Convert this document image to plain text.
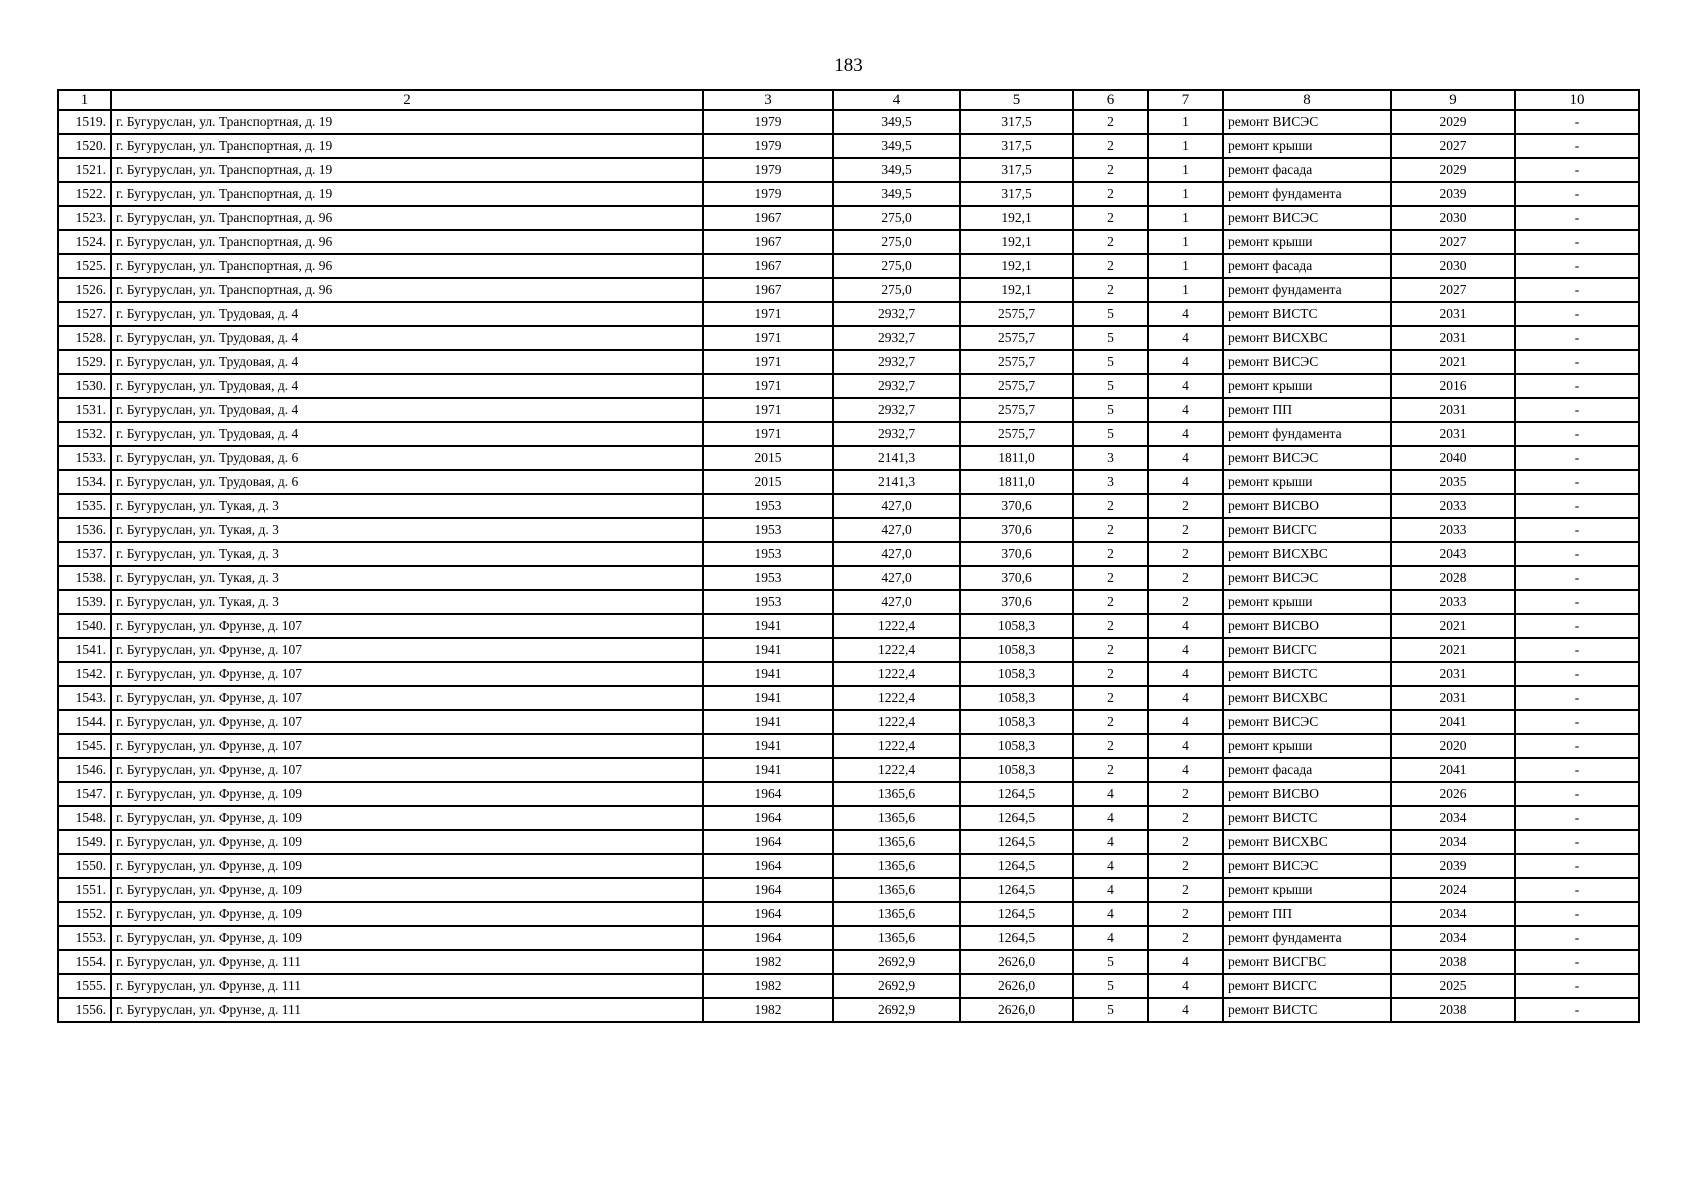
183
1	2	3	4	5	6	7	8	9	10
1519.	г. Бугуруслан, ул. Транспортная, д. 19	1979	349,5	317,5	2	1	ремонт ВИСЭС	2029	-
1520.	г. Бугуруслан, ул. Транспортная, д. 19	1979	349,5	317,5	2	1	ремонт крыши	2027	-
1521.	г. Бугуруслан, ул. Транспортная, д. 19	1979	349,5	317,5	2	1	ремонт фасада	2029	-
1522.	г. Бугуруслан, ул. Транспортная, д. 19	1979	349,5	317,5	2	1	ремонт фундамента	2039	-
1523.	г. Бугуруслан, ул. Транспортная, д. 96	1967	275,0	192,1	2	1	ремонт ВИСЭС	2030	-
1524.	г. Бугуруслан, ул. Транспортная, д. 96	1967	275,0	192,1	2	1	ремонт крыши	2027	-
1525.	г. Бугуруслан, ул. Транспортная, д. 96	1967	275,0	192,1	2	1	ремонт фасада	2030	-
1526.	г. Бугуруслан, ул. Транспортная, д. 96	1967	275,0	192,1	2	1	ремонт фундамента	2027	-
1527.	г. Бугуруслан, ул. Трудовая, д. 4	1971	2932,7	2575,7	5	4	ремонт ВИСТС	2031	-
1528.	г. Бугуруслан, ул. Трудовая, д. 4	1971	2932,7	2575,7	5	4	ремонт ВИСХВС	2031	-
1529.	г. Бугуруслан, ул. Трудовая, д. 4	1971	2932,7	2575,7	5	4	ремонт ВИСЭС	2021	-
1530.	г. Бугуруслан, ул. Трудовая, д. 4	1971	2932,7	2575,7	5	4	ремонт крыши	2016	-
1531.	г. Бугуруслан, ул. Трудовая, д. 4	1971	2932,7	2575,7	5	4	ремонт ПП	2031	-
1532.	г. Бугуруслан, ул. Трудовая, д. 4	1971	2932,7	2575,7	5	4	ремонт фундамента	2031	-
1533.	г. Бугуруслан, ул. Трудовая, д. 6	2015	2141,3	1811,0	3	4	ремонт ВИСЭС	2040	-
1534.	г. Бугуруслан, ул. Трудовая, д. 6	2015	2141,3	1811,0	3	4	ремонт крыши	2035	-
1535.	г. Бугуруслан, ул. Тукая, д. 3	1953	427,0	370,6	2	2	ремонт ВИСВО	2033	-
1536.	г. Бугуруслан, ул. Тукая, д. 3	1953	427,0	370,6	2	2	ремонт ВИСГС	2033	-
1537.	г. Бугуруслан, ул. Тукая, д. 3	1953	427,0	370,6	2	2	ремонт ВИСХВС	2043	-
1538.	г. Бугуруслан, ул. Тукая, д. 3	1953	427,0	370,6	2	2	ремонт ВИСЭС	2028	-
1539.	г. Бугуруслан, ул. Тукая, д. 3	1953	427,0	370,6	2	2	ремонт крыши	2033	-
1540.	г. Бугуруслан, ул. Фрунзе, д. 107	1941	1222,4	1058,3	2	4	ремонт ВИСВО	2021	-
1541.	г. Бугуруслан, ул. Фрунзе, д. 107	1941	1222,4	1058,3	2	4	ремонт ВИСГС	2021	-
1542.	г. Бугуруслан, ул. Фрунзе, д. 107	1941	1222,4	1058,3	2	4	ремонт ВИСТС	2031	-
1543.	г. Бугуруслан, ул. Фрунзе, д. 107	1941	1222,4	1058,3	2	4	ремонт ВИСХВС	2031	-
1544.	г. Бугуруслан, ул. Фрунзе, д. 107	1941	1222,4	1058,3	2	4	ремонт ВИСЭС	2041	-
1545.	г. Бугуруслан, ул. Фрунзе, д. 107	1941	1222,4	1058,3	2	4	ремонт крыши	2020	-
1546.	г. Бугуруслан, ул. Фрунзе, д. 107	1941	1222,4	1058,3	2	4	ремонт фасада	2041	-
1547.	г. Бугуруслан, ул. Фрунзе, д. 109	1964	1365,6	1264,5	4	2	ремонт ВИСВО	2026	-
1548.	г. Бугуруслан, ул. Фрунзе, д. 109	1964	1365,6	1264,5	4	2	ремонт ВИСТС	2034	-
1549.	г. Бугуруслан, ул. Фрунзе, д. 109	1964	1365,6	1264,5	4	2	ремонт ВИСХВС	2034	-
1550.	г. Бугуруслан, ул. Фрунзе, д. 109	1964	1365,6	1264,5	4	2	ремонт ВИСЭС	2039	-
1551.	г. Бугуруслан, ул. Фрунзе, д. 109	1964	1365,6	1264,5	4	2	ремонт крыши	2024	-
1552.	г. Бугуруслан, ул. Фрунзе, д. 109	1964	1365,6	1264,5	4	2	ремонт ПП	2034	-
1553.	г. Бугуруслан, ул. Фрунзе, д. 109	1964	1365,6	1264,5	4	2	ремонт фундамента	2034	-
1554.	г. Бугуруслан, ул. Фрунзе, д. 111	1982	2692,9	2626,0	5	4	ремонт ВИСГВС	2038	-
1555.	г. Бугуруслан, ул. Фрунзе, д. 111	1982	2692,9	2626,0	5	4	ремонт ВИСГС	2025	-
1556.	г. Бугуруслан, ул. Фрунзе, д. 111	1982	2692,9	2626,0	5	4	ремонт ВИСТС	2038	-
